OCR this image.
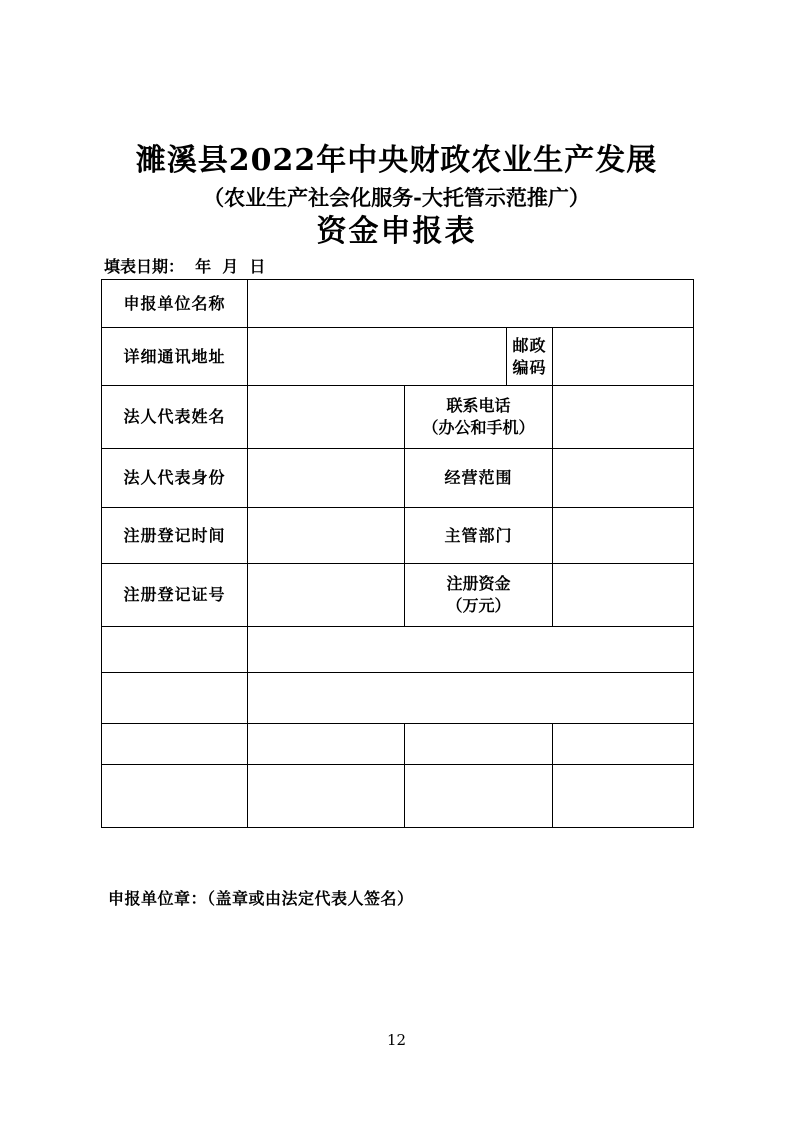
濉溪县2022年中央财政农业生产发展
（农业生产社会化服务-大托管示范推广）
资金申报表
填表日期：  年  月  日
申报单位名称				
详细通讯地址			邮政编码	
法人代表姓名		联系电话
（办公和手机）		

法人代表身份		经营范围		
注册登记时间		主管部门		
注册登记证号		注册资金
（万元）		

申报单位章：（盖章或由法定代表人签名）
12
